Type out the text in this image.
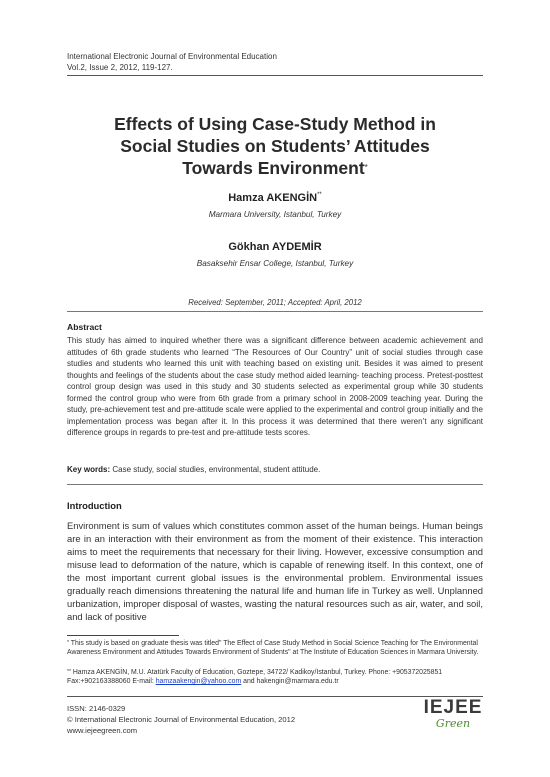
International Electronic Journal of Environmental Education
Vol.2, Issue 2, 2012, 119-127.
Effects of Using Case-Study Method in
Social Studies on Students’ Attitudes
Towards Environment*
Hamza AKENGİN**
Marmara University, Istanbul, Turkey
Gökhan AYDEMİR
Basaksehir Ensar College, Istanbul, Turkey
Received: September, 2011; Accepted: April, 2012
Abstract
This study has aimed to inquired whether there was a significant difference between academic achievement and attitudes of 6th grade students who learned “The Resources of Our Country” unit of social studies through case studies and students who learned this unit with teaching based on existing unit. Besides it was aimed to present thoughts and feelings of the students about the case study method aided learning- teaching process. Pretest-posttest control group design was used in this study and 30 students selected as experimental group while 30 students formed the control group who were from 6th grade from a primary school in 2008-2009 teaching year. During the study, pre-achievement test and pre-attitude scale were applied to the experimental and control group initially and the implementation process was began after it. In this process it was determined that there weren’t any significant difference groups in regards to pre-test and pre-attitude tests scores.
Key words: Case study, social studies, environmental, student attitude.
Introduction
Environment is sum of values which constitutes common asset of the human beings. Human beings are in an interaction with their environment as from the moment of their existence. This interaction aims to meet the requirements that necessary for their living. However, excessive consumption and misuse lead to deformation of the nature, which is capable of renewing itself. In this context, one of the most important current global issues is the environmental problem. Environmental issues gradually reach dimensions threatening the natural life and human life in Turkey as well. Unplanned urbanization, improper disposal of wastes, wasting the natural resources such as air, water, and soil, and lack of positive
* This study is based on graduate thesis was titled" The Effect of Case Study Method in Social Science Teaching for The Environmental Awareness Environment and Attitudes Towards Environment of Students" at The Institute of Education Sciences in Marmara University.
** Hamza AKENGİN, M.U. Atatürk Faculty of Education, Goztepe, 34722/ Kadikoy/Istanbul, Turkey. Phone: +905372025851 Fax:+902163388060 E-mail: hamzaakengin@yahoo.com and hakengin@marmara.edu.tr
ISSN: 2146-0329
© International Electronic Journal of Environmental Education, 2012
www.iejeegreen.com
IEJEE
Green
